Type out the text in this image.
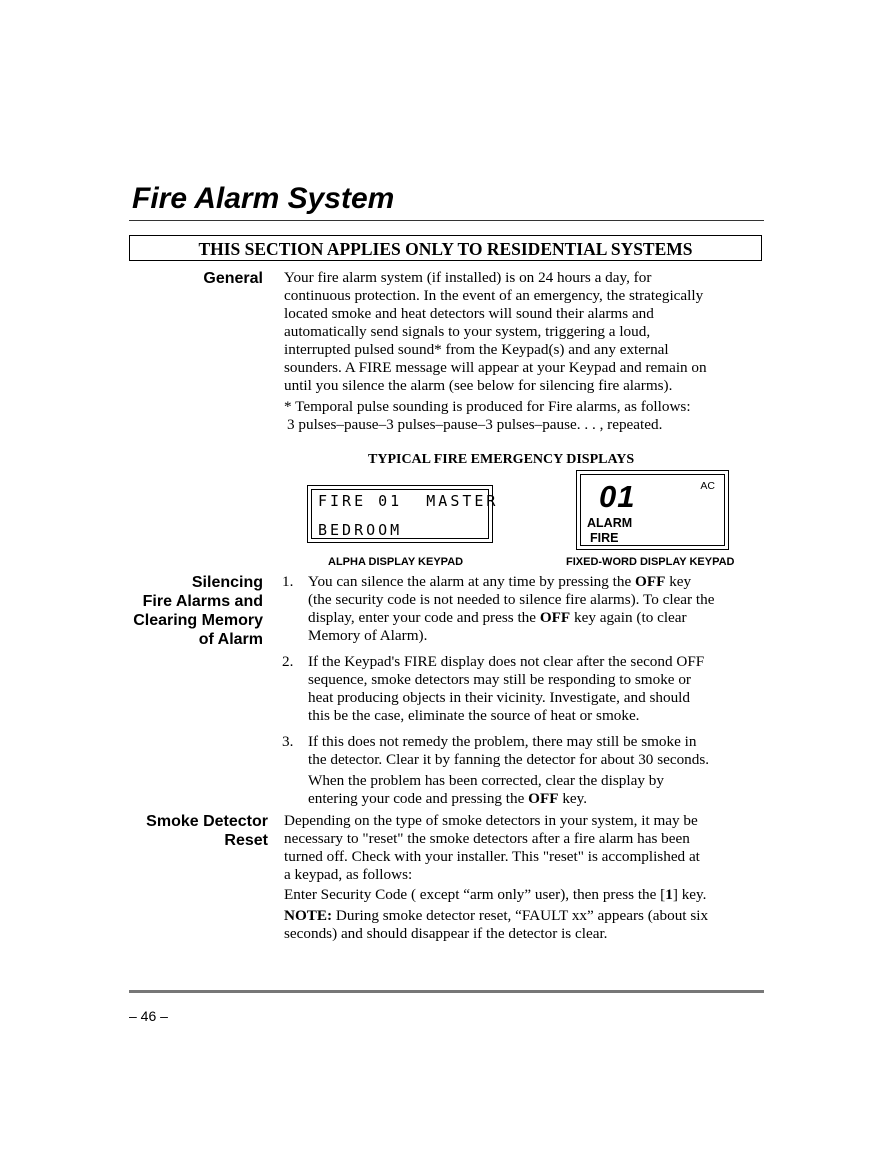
Fire Alarm System
THIS SECTION APPLIES ONLY TO RESIDENTIAL SYSTEMS
General Your fire alarm system (if installed) is on 24 hours a day, for
continuous protection. In the event of an emergency, the strategically
located smoke and heat detectors will sound their alarms and
automatically send signals to your system, triggering a loud,
interrupted pulsed sound* from the Keypad(s) and any external
sounders. A FIRE message will appear at your Keypad and remain on
until you silence the alarm (see below for silencing fire alarms).
* Temporal pulse sounding is produced for Fire alarms, as follows:
3 pulses–pause–3 pulses–pause–3 pulses–pause. . . , repeated.
TYPICAL FIRE EMERGENCY DISPLAYS
FIRE 01  MASTER
BEDROOM
ALPHA DISPLAY KEYPAD
01	AC
ALARM
FIRE
FIXED-WORD DISPLAY KEYPAD
Silencing
Fire Alarms and
Clearing Memory
of Alarm
1. You can silence the alarm at any time by pressing the OFF key
(the security code is not needed to silence fire alarms). To clear the
display, enter your code and press the OFF key again (to clear
Memory of Alarm).
2. If the Keypad's FIRE display does not clear after the second OFF
sequence, smoke detectors may still be responding to smoke or
heat producing objects in their vicinity. Investigate, and should
this be the case, eliminate the source of heat or smoke.
3. If this does not remedy the problem, there may still be smoke in
the detector. Clear it by fanning the detector for about 30 seconds.
When the problem has been corrected, clear the display by
entering your code and pressing the OFF key.
Smoke Detector
Reset
Depending on the type of smoke detectors in your system, it may be
necessary to "reset" the smoke detectors after a fire alarm has been
turned off. Check with your installer. This "reset" is accomplished at
a keypad, as follows:
Enter Security Code ( except “arm only” user), then press the [1] key.
NOTE: During smoke detector reset, “FAULT xx” appears (about six
seconds) and should disappear if the detector is clear.
– 46 –
